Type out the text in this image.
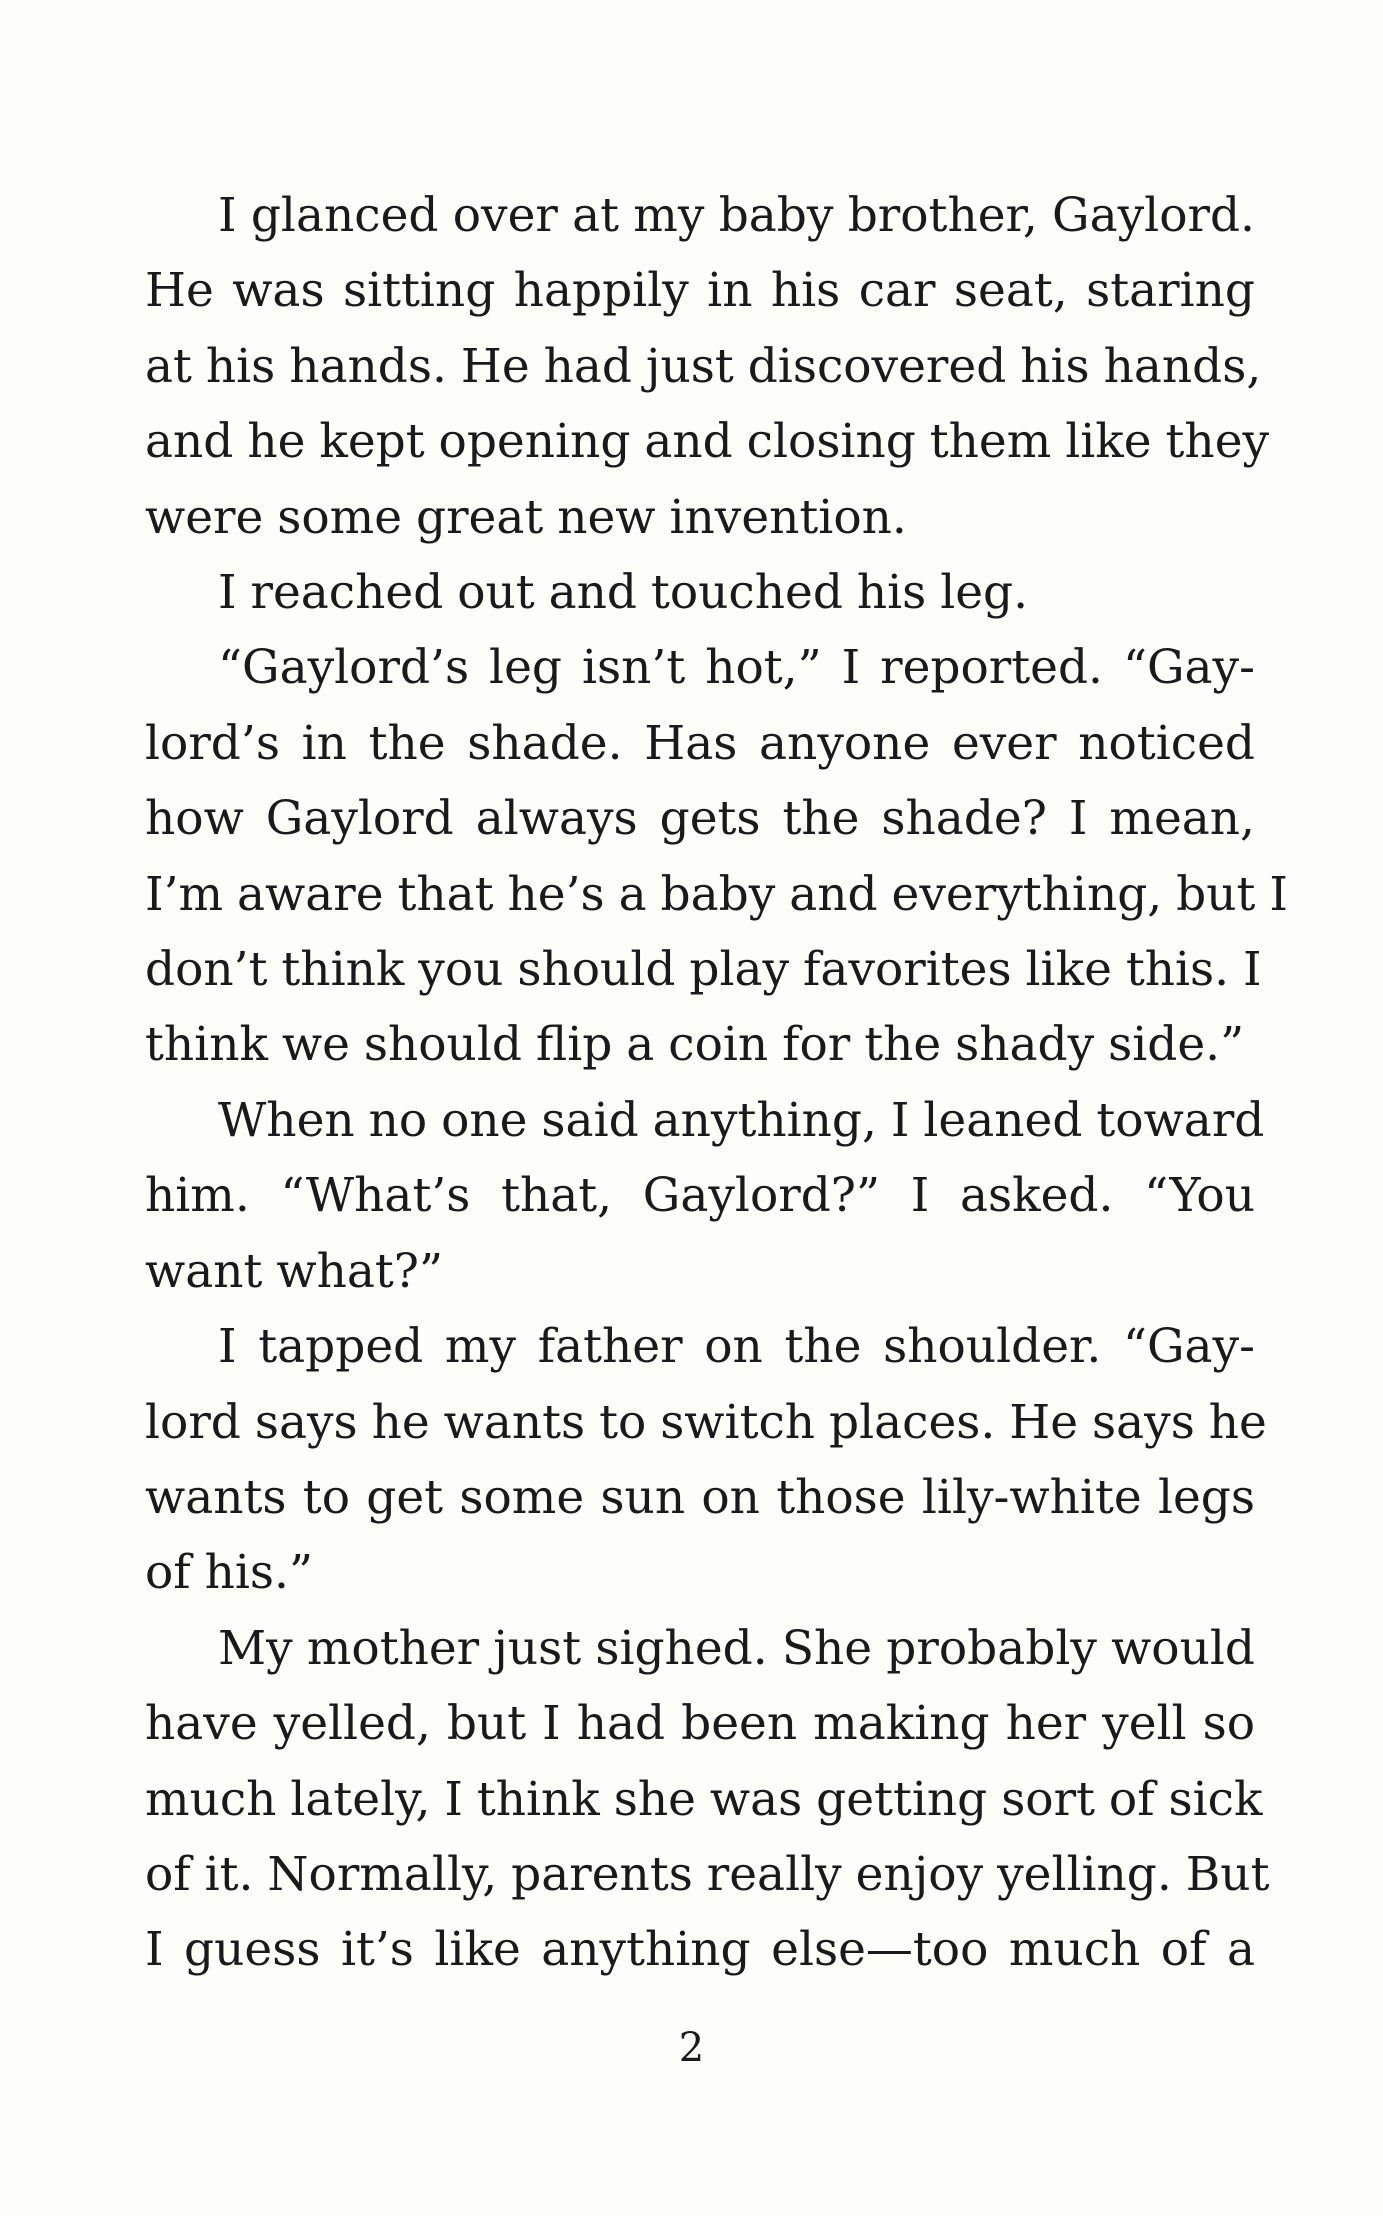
I glanced over at my baby brother, Gaylord.
He was sitting happily in his car seat, staring
at his hands. He had just discovered his hands,
and he kept opening and closing them like they
were some great new invention.
I reached out and touched his leg.
“Gaylord’s leg isn’t hot,” I reported. “Gay-
lord’s in the shade. Has anyone ever noticed
how Gaylord always gets the shade? I mean,
I’m aware that he’s a baby and everything, but I
don’t think you should play favorites like this. I
think we should flip a coin for the shady side.”
When no one said anything, I leaned toward
him. “What’s that, Gaylord?” I asked. “You
want what?”
I tapped my father on the shoulder. “Gay-
lord says he wants to switch places. He says he
wants to get some sun on those lily-white legs
of his.”
My mother just sighed. She probably would
have yelled, but I had been making her yell so
much lately, I think she was getting sort of sick
of it. Normally, parents really enjoy yelling. But
I guess it’s like anything else—too much of a
2
